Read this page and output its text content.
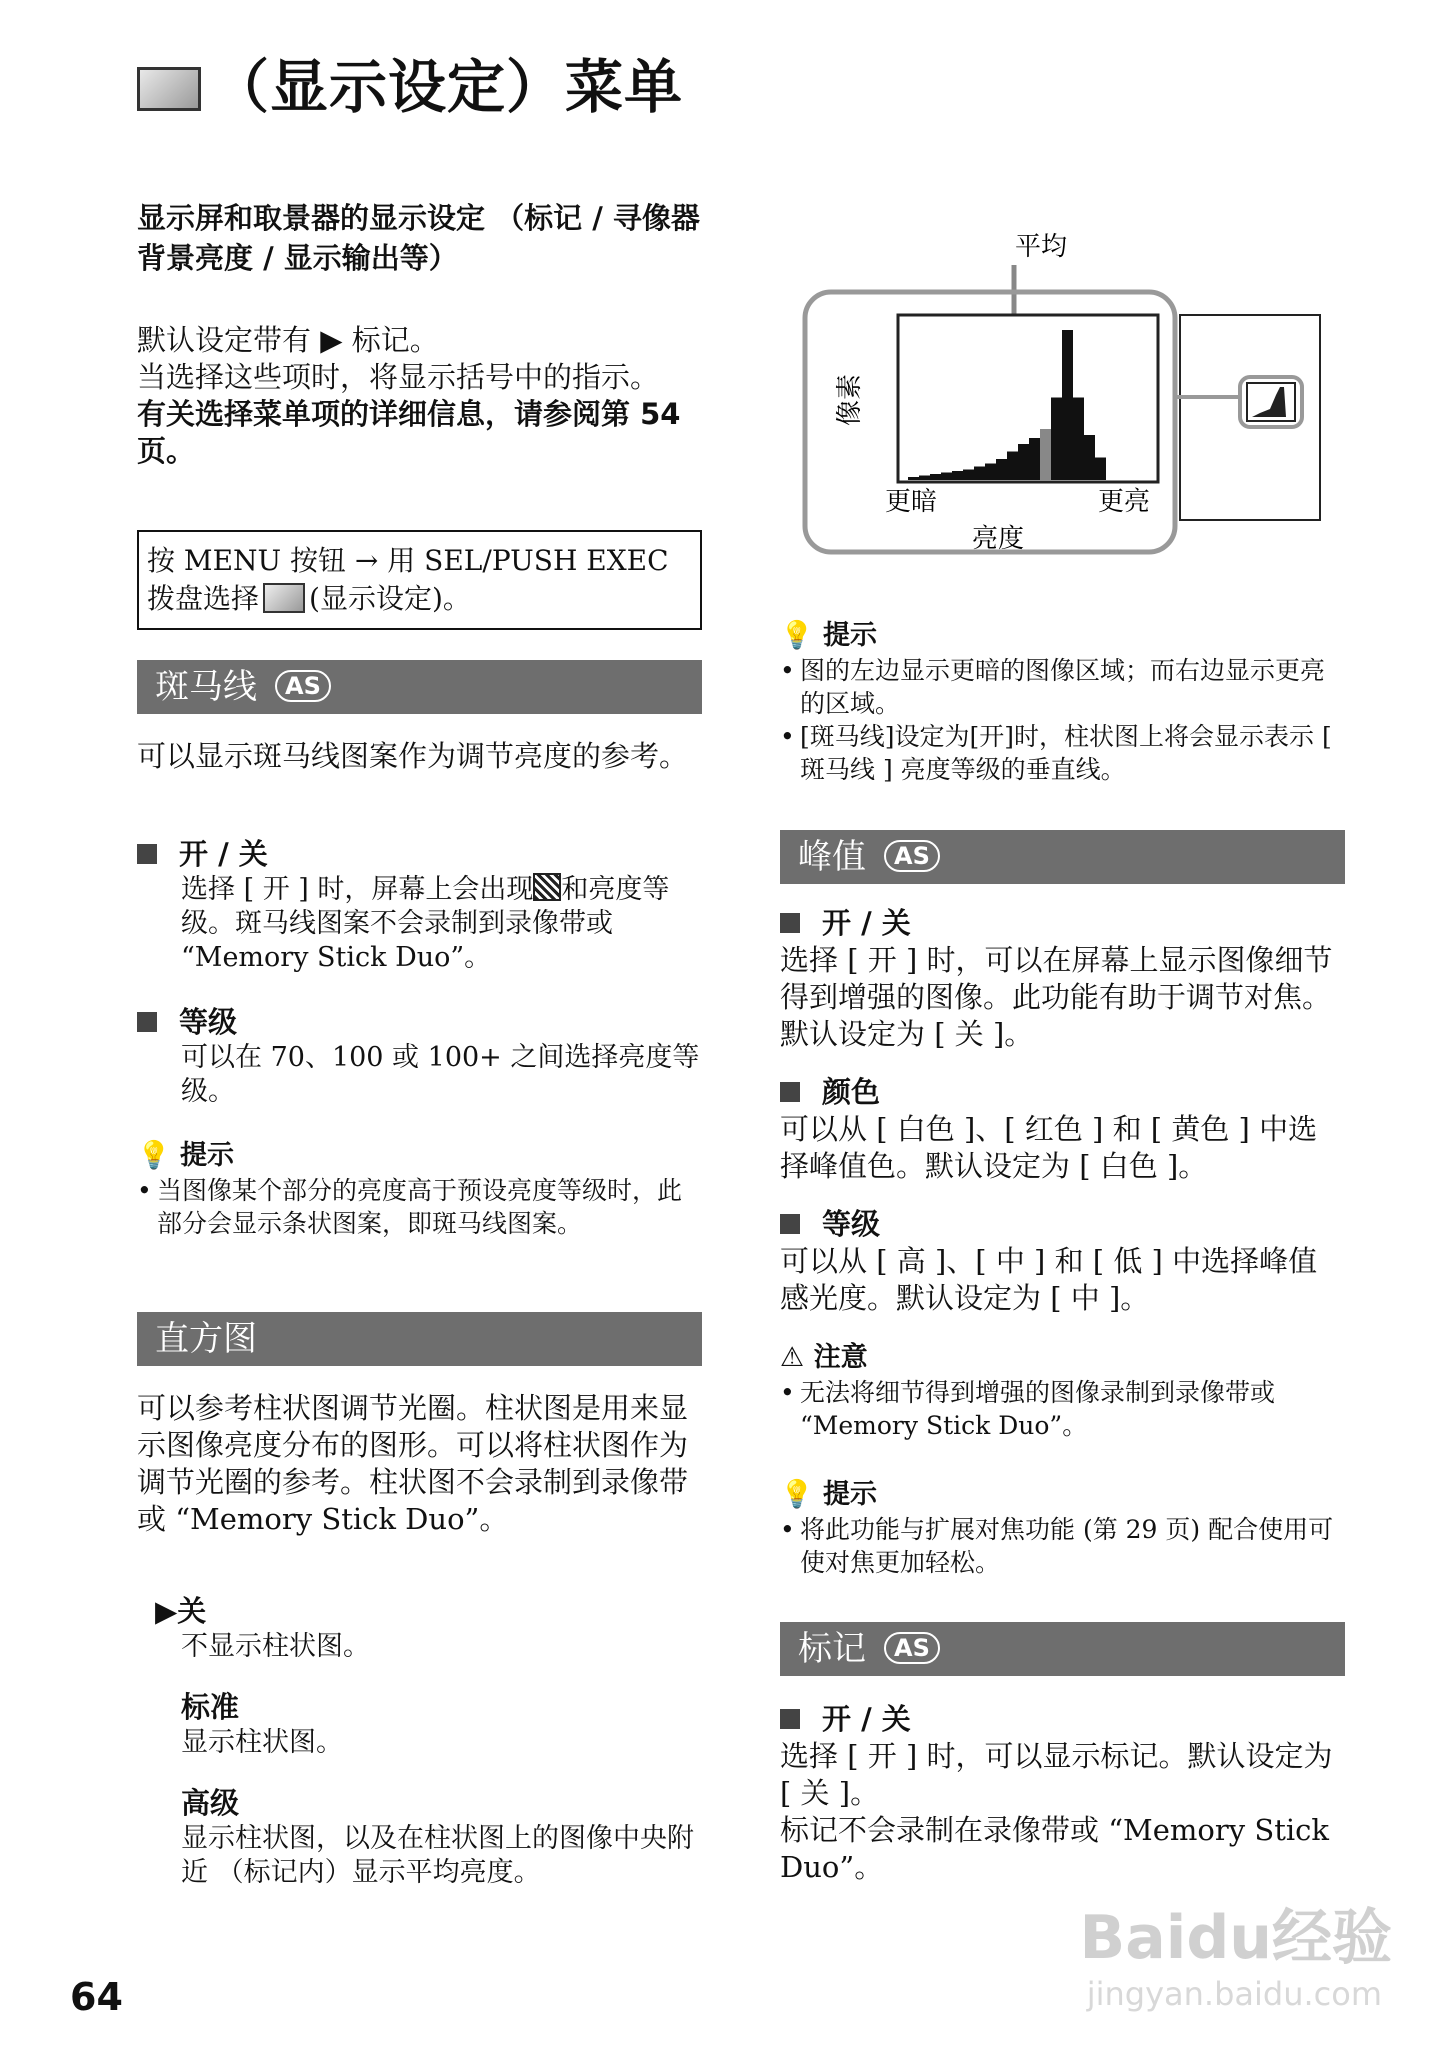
（显示设定）菜单
显示屏和取景器的显示设定 （标记 / 寻像器背景亮度 / 显示输出等）
默认设定带有 ▶ 标记。
当选择这些项时，将显示括号中的指示。
有关选择菜单项的详细信息，请参阅第 54 页。
按 MENU 按钮 → 用 SEL/PUSH EXEC 拨盘选择 (显示设定)。
斑马线 AS
可以显示斑马线图案作为调节亮度的参考。
开 / 关
选择 [ 开 ] 时，屏幕上会出现 和亮度等级。斑马线图案不会录制到录像带或 “Memory Stick Duo”。
等级
可以在 70、100 或 100+ 之间选择亮度等级。
💡 提示
• 当图像某个部分的亮度高于预设亮度等级时，此部分会显示条状图案，即斑马线图案。
直方图
可以参考柱状图调节光圈。柱状图是用来显示图像亮度分布的图形。可以将柱状图作为调节光圈的参考。柱状图不会录制到录像带或 “Memory Stick Duo”。
▶关
不显示柱状图。
标准
显示柱状图。
高级
显示柱状图，以及在柱状图上的图像中央附近 （标记内）显示平均亮度。
平均
像素
更暗	更亮
亮度
💡 提示
• 图的左边显示更暗的图像区域；而右边显示更亮的区域。
• [斑马线]设定为[开]时，柱状图上将会显示表示 [ 斑马线 ] 亮度等级的垂直线。
峰值 AS
开 / 关
选择 [ 开 ] 时，可以在屏幕上显示图像细节得到增强的图像。此功能有助于调节对焦。默认设定为 [ 关 ]。
颜色
可以从 [ 白色 ]、[ 红色 ] 和 [ 黄色 ] 中选择峰值色。默认设定为 [ 白色 ]。
等级
可以从 [ 高 ]、[ 中 ] 和 [ 低 ] 中选择峰值感光度。默认设定为 [ 中 ]。
⚠ 注意
• 无法将细节得到增强的图像录制到录像带或 “Memory Stick Duo”。
💡 提示
• 将此功能与扩展对焦功能 (第 29 页) 配合使用可使对焦更加轻松。
标记 AS
开 / 关
选择 [ 开 ] 时，可以显示标记。默认设定为 [ 关 ]。
标记不会录制在录像带或 “Memory Stick Duo”。
64
Baidu经验
jingyan.baidu.com
